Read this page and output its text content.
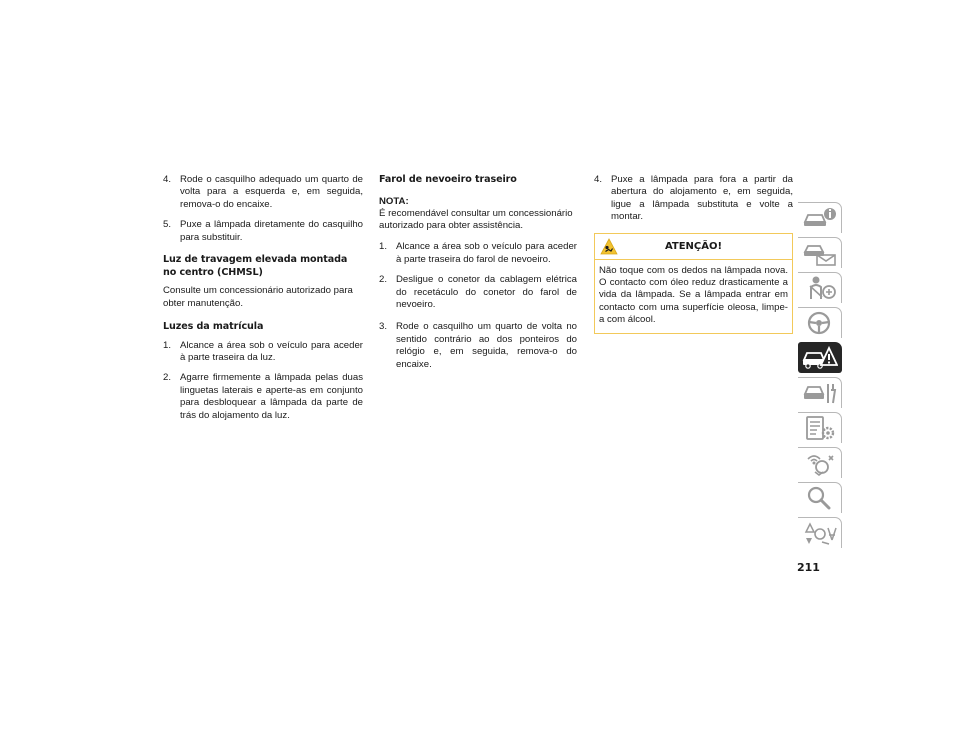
4. Rode o casquilho adequado um quarto de volta para a esquerda e, em seguida, remova-o do encaixe.
5. Puxe a lâmpada diretamente do casquilho para substituir.
Luz de travagem elevada montada no centro (CHMSL)
Consulte um concessionário autorizado para obter manutenção.
Luzes da matrícula
1. Alcance a área sob o veículo para aceder à parte traseira da luz.
2. Agarre firmemente a lâmpada pelas duas linguetas laterais e aperte-as em conjunto para desbloquear a lâmpada da parte de trás do alojamento da luz.
Farol de nevoeiro traseiro
NOTA:
É recomendável consultar um concessionário autorizado para obter assistência.
1. Alcance a área sob o veículo para aceder à parte traseira do farol de nevoeiro.
2. Desligue o conetor da cablagem elétrica do recetáculo do conetor do farol de nevoeiro.
3. Rode o casquilho um quarto de volta no sentido contrário ao dos ponteiros do relógio e, em seguida, remova-o do encaixe.
4. Puxe a lâmpada para fora a partir da abertura do alojamento e, em seguida, ligue a lâmpada substituta e volte a montar.
ATENÇÃO!
Não toque com os dedos na lâmpada nova. O contacto com óleo reduz drasticamente a vida da lâmpada. Se a lâmpada entrar em contacto com uma superfície oleosa, limpe-a com álcool.
211
